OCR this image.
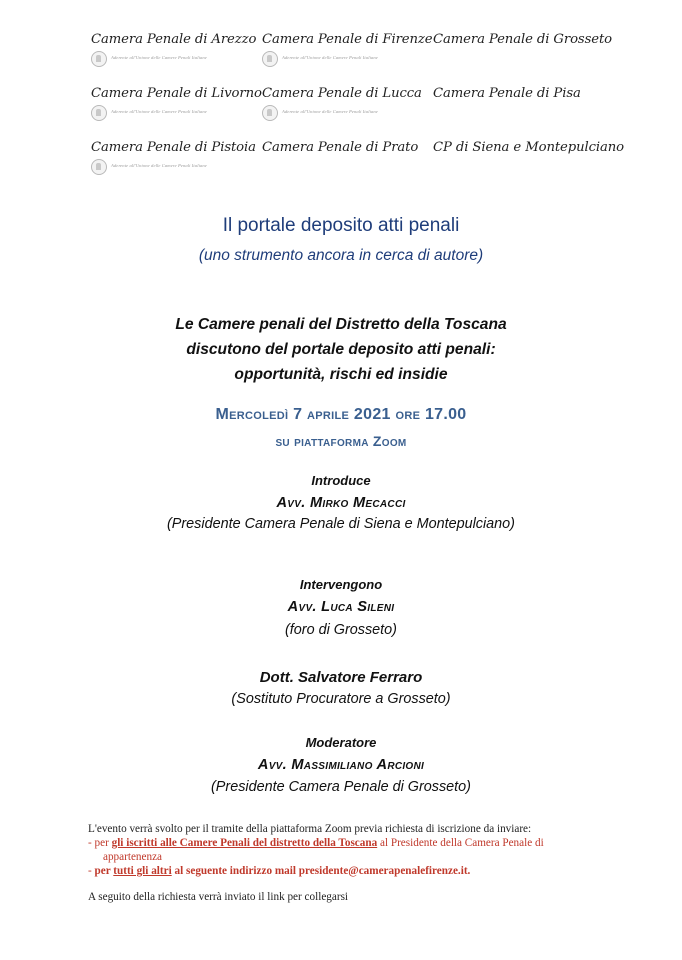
Camera Penale di Arezzo
Aderente all'Unione delle Camere Penali Italiane
Camera Penale di Firenze
Aderente all'Unione delle Camere Penali Italiane
Camera Penale di Grosseto
Camera Penale di Livorno
Aderente all'Unione delle Camere Penali Italiane
Camera Penale di Lucca
Aderente all'Unione delle Camere Penali Italiane
Camera Penale di Pisa
Camera Penale di Pistoia
Aderente all'Unione delle Camere Penali Italiane
Camera Penale di Prato	CP di Siena e Montepulciano
Il portale deposito atti penali
(uno strumento ancora in cerca di autore)
Le Camere penali del Distretto della Toscana
discutono del portale deposito atti penali:
opportunità, rischi ed insidie
Mercoledì 7 aprile 2021 ore 17.00
su piattaforma Zoom
Introduce
Avv. Mirko Mecacci
(Presidente Camera Penale di Siena e Montepulciano)
Intervengono
Avv. Luca Sileni
(foro di Grosseto)
Dott. Salvatore Ferraro
(Sostituto Procuratore a Grosseto)
Moderatore
Avv. Massimiliano Arcioni
(Presidente Camera Penale di Grosseto)
L'evento verrà svolto per il tramite della piattaforma Zoom previa richiesta di iscrizione da inviare:
- per gli iscritti alle Camere Penali del distretto della Toscana al Presidente della Camera Penale di
appartenenza
- per tutti gli altri al seguente indirizzo mail presidente@camerapenalefirenze.it.
A seguito della richiesta verrà inviato il link per collegarsi
